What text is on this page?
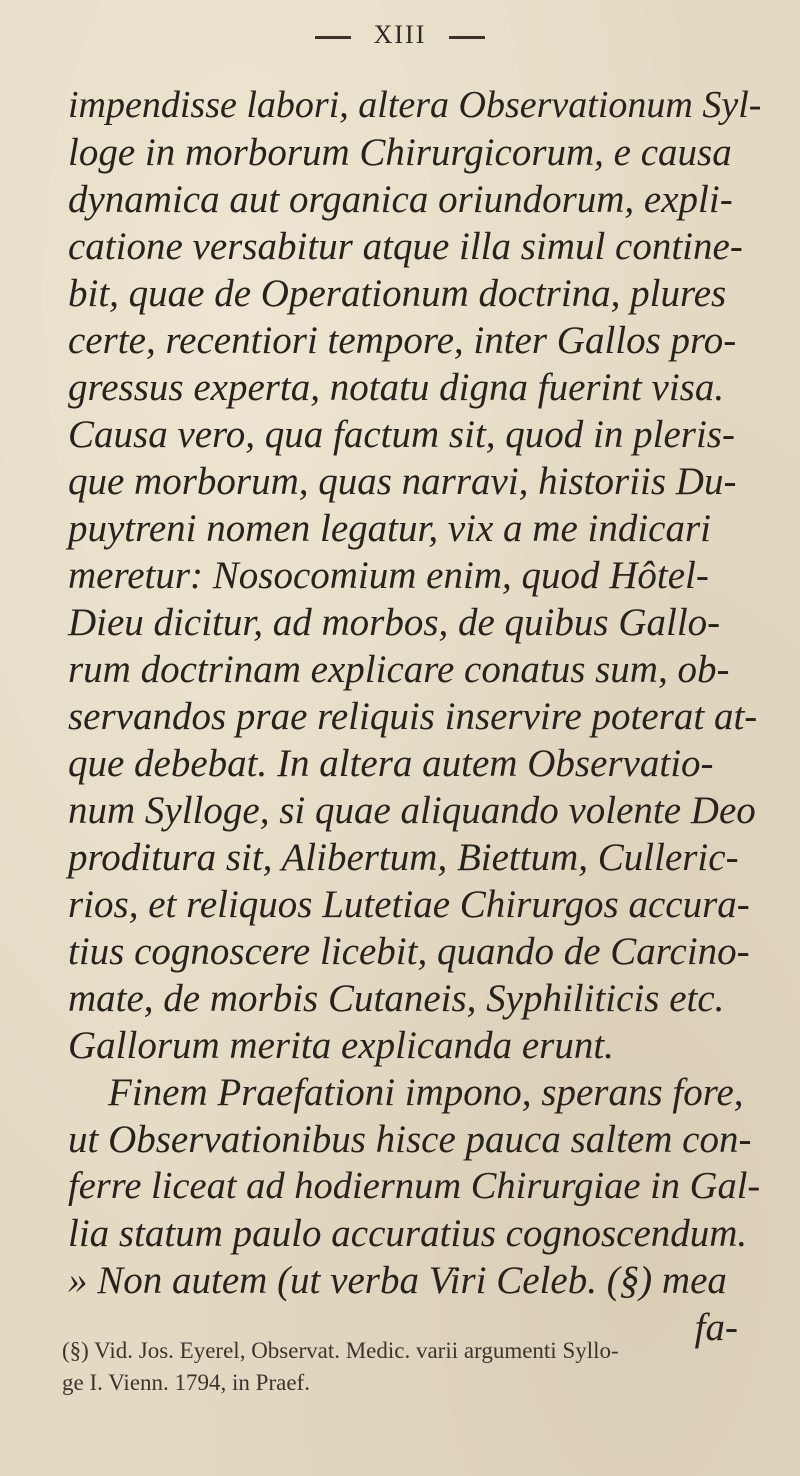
XIII
impendisse labori, altera Observationum Syl-
loge in morborum Chirurgicorum, e causa
dynamica aut organica oriundorum, expli-
catione versabitur atque illa simul contine-
bit, quae de Operationum doctrina, plures
certe, recentiori tempore, inter Gallos pro-
gressus experta, notatu digna fuerint visa.
Causa vero, qua factum sit, quod in pleris-
que morborum, quas narravi, historiis Du-
puytreni nomen legatur, vix a me indicari
meretur: Nosocomium enim, quod Hôtel-
Dieu dicitur, ad morbos, de quibus Gallo-
rum doctrinam explicare conatus sum, ob-
servandos prae reliquis inservire poterat at-
que debebat. In altera autem Observatio-
num Sylloge, si quae aliquando volente Deo
proditura sit, Alibertum, Biettum, Culleric-
rios, et reliquos Lutetiae Chirurgos accura-
tius cognoscere licebit, quando de Carcino-
mate, de morbis Cutaneis, Syphiliticis etc.
Gallorum merita explicanda erunt.
Finem Praefationi impono, sperans fore,
ut Observationibus hisce pauca saltem con-
ferre liceat ad hodiernum Chirurgiae in Gal-
lia statum paulo accuratius cognoscendum.
» Non autem (ut verba Viri Celeb. (§) mea
fa-
(§) Vid. Jos. Eyerel, Observat. Medic. varii argumenti Syllo-
ge I. Vienn. 1794, in Praef.
